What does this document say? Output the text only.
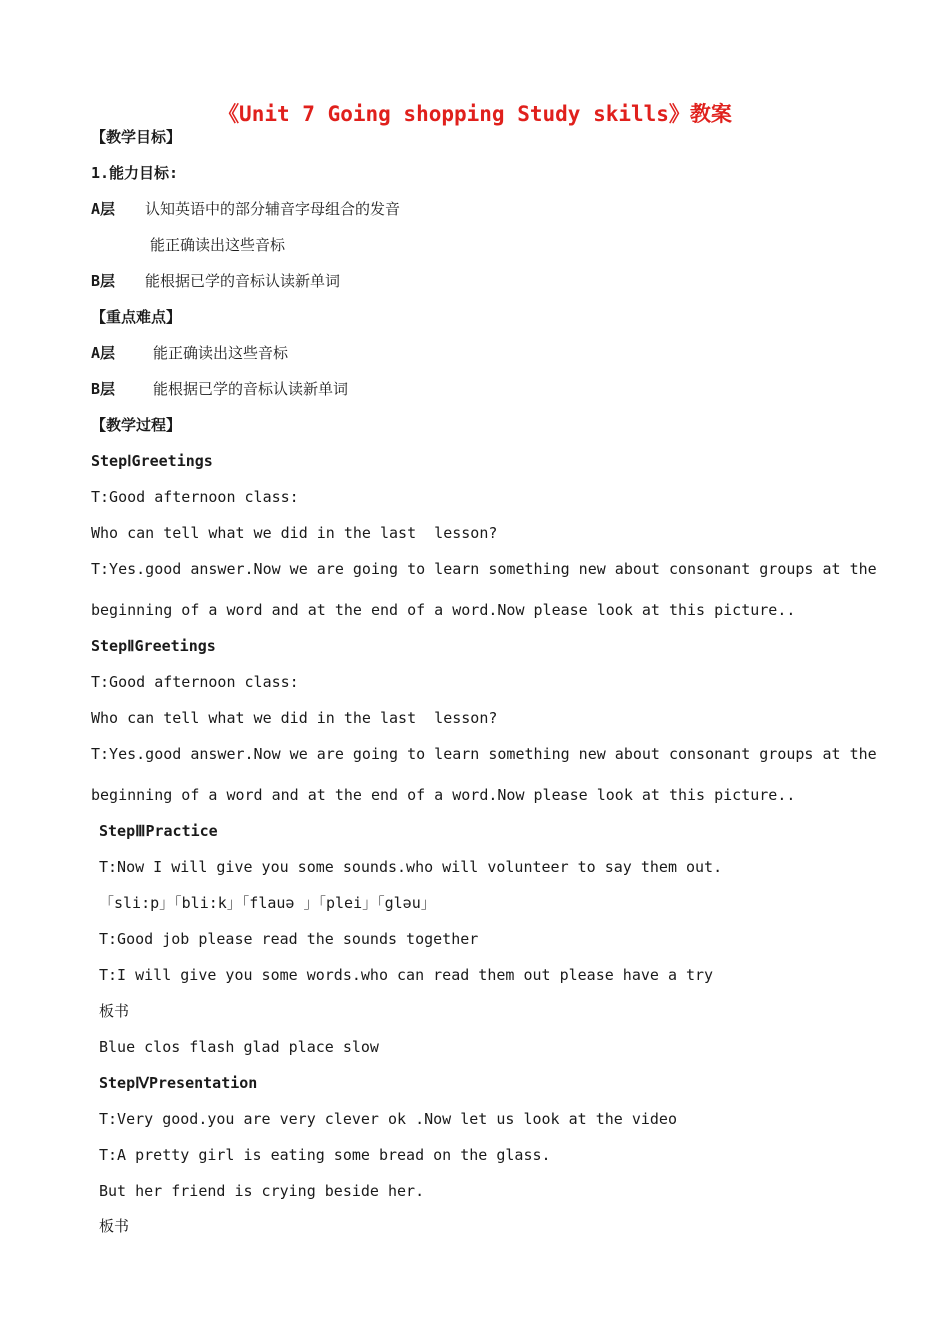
《Unit 7 Going shopping Study skills》教案
【教学目标】
1.能力目标:
A层 认知英语中的部分辅音字母组合的发音
能正确读出这些音标
B层 能根据已学的音标认读新单词
【重点难点】
A层	能正确读出这些音标
B层	能根据已学的音标认读新单词
【教学过程】
StepⅠGreetings
T:Good afternoon class:
Who can tell what we did in the last  lesson?
T:Yes.good answer.Now we are going to learn something new about consonant groups at the
beginning of a word and at the end of a word.Now please look at this picture..
StepⅡGreetings
T:Good afternoon class:
Who can tell what we did in the last  lesson?
T:Yes.good answer.Now we are going to learn something new about consonant groups at the
beginning of a word and at the end of a word.Now please look at this picture..
StepⅢPractice
T:Now I will give you some sounds.who will volunteer to say them out.
「sli:p」「bli:k」「flauə 」「plei」「gləu」
T:Good job please read the sounds together
T:I will give you some words.who can read them out please have a try
板书
Blue clos flash glad place slow
StepⅣPresentation
T:Very good.you are very clever ok .Now let us look at the video
T:A pretty girl is eating some bread on the glass.
But her friend is crying beside her.
板书
